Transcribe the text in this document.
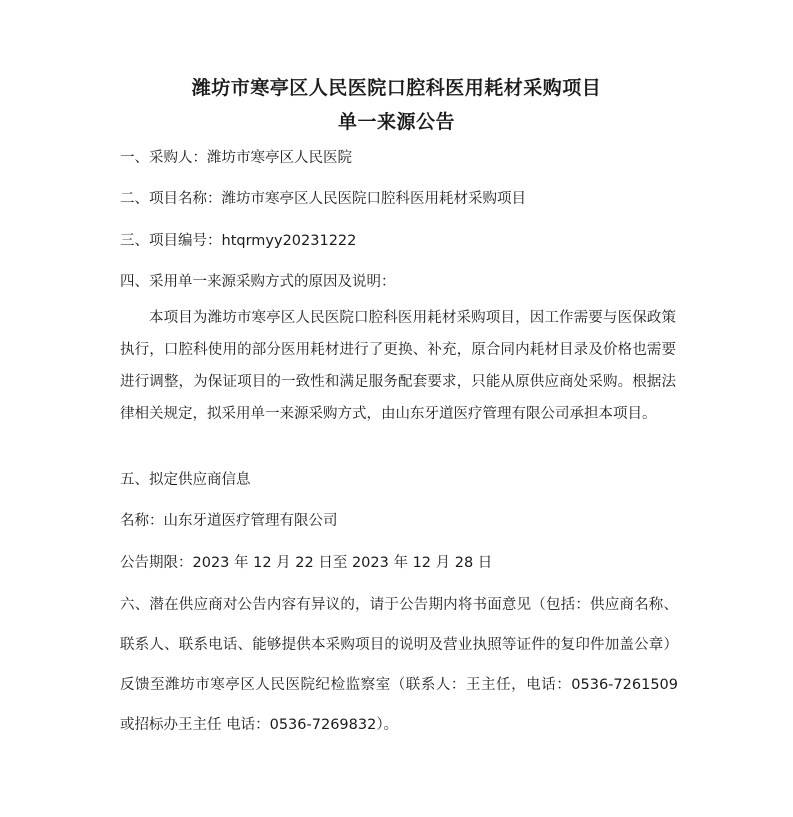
潍坊市寒亭区人民医院口腔科医用耗材采购项目
单一来源公告

一、采购人：潍坊市寒亭区人民医院

二、项目名称：潍坊市寒亭区人民医院口腔科医用耗材采购项目

三、项目编号：htqrmyy20231222

四、采用单一来源采购方式的原因及说明：

本项目为潍坊市寒亭区人民医院口腔科医用耗材采购项目，因工作需要与医保政策执行，口腔科使用的部分医用耗材进行了更换、补充，原合同内耗材目录及价格也需要进行调整，为保证项目的一致性和满足服务配套要求，只能从原供应商处采购。根据法律相关规定，拟采用单一来源采购方式，由山东牙道医疗管理有限公司承担本项目。

五、拟定供应商信息

名称：山东牙道医疗管理有限公司

公告期限：2023 年 12 月 22 日至 2023 年 12 月 28 日

六、潜在供应商对公告内容有异议的，请于公告期内将书面意见（包括：供应商名称、联系人、联系电话、能够提供本采购项目的说明及营业执照等证件的复印件加盖公章）反馈至潍坊市寒亭区人民医院纪检监察室（联系人：王主任，电话：0536-7261509 或招标办王主任 电话：0536-7269832）。
